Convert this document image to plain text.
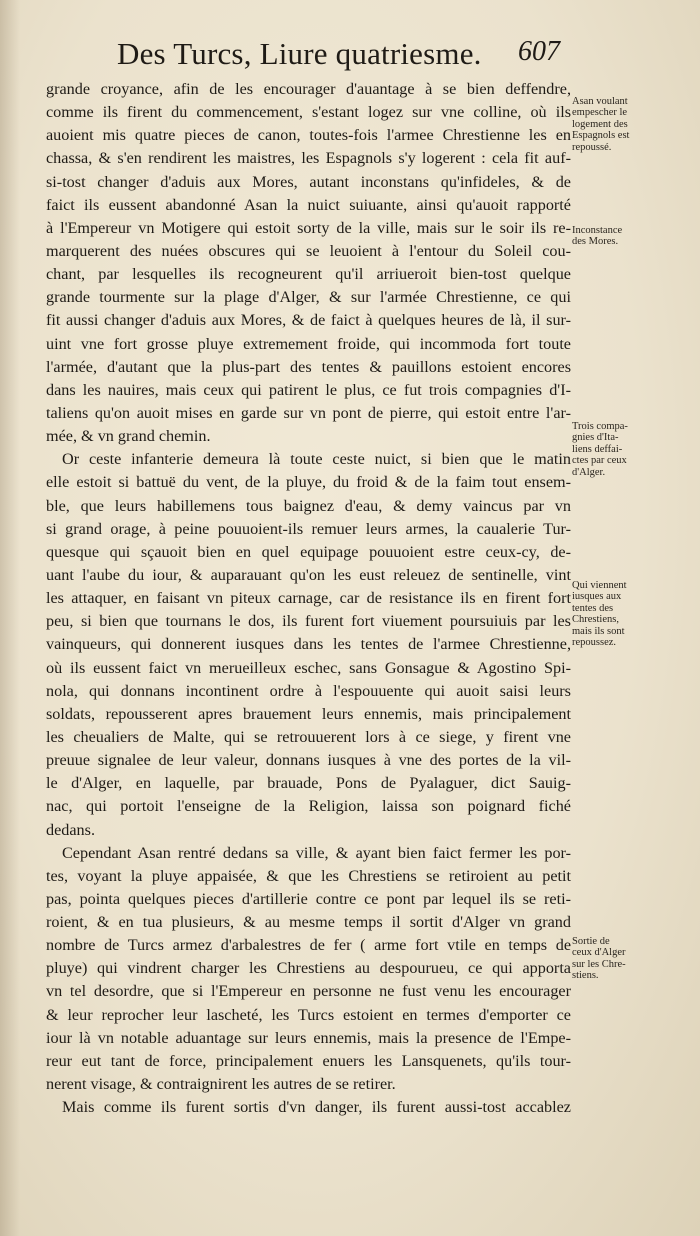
Des Turcs, Liure quatriesme. 607
grande croyance, afin de les encourager d'auantage à se bien deffendre,
comme ils firent du commencement, s'estant logez sur vne colline, où ils
auoient mis quatre pieces de canon, toutes-fois l'armee Chrestienne les en
chassa, & s'en rendirent les maistres, les Espagnols s'y logerent : cela fit auf-
si-tost changer d'aduis aux Mores, autant inconstans qu'infideles, & de
faict ils eussent abandonné Asan la nuict suiuante, ainsi qu'auoit rapporté
à l'Empereur vn Motigere qui estoit sorty de la ville, mais sur le soir ils re-
marquerent des nuées obscures qui se leuoient à l'entour du Soleil cou-
chant, par lesquelles ils recogneurent qu'il arriueroit bien-tost quelque
grande tourmente sur la plage d'Alger, & sur l'armée Chrestienne, ce qui
fit aussi changer d'aduis aux Mores, & de faict à quelques heures de là, il sur-
uint vne fort grosse pluye extremement froide, qui incommoda fort toute
l'armée, d'autant que la plus-part des tentes & pauillons estoient encores
dans les nauires, mais ceux qui patirent le plus, ce fut trois compagnies d'I-
taliens qu'on auoit mises en garde sur vn pont de pierre, qui estoit entre l'ar-
mée, & vn grand chemin.
Or ceste infanterie demeura là toute ceste nuict, si bien que le matin
elle estoit si battuë du vent, de la pluye, du froid & de la faim tout ensem-
ble, que leurs habillemens tous baignez d'eau, & demy vaincus par vn
si grand orage, à peine pouuoient-ils remuer leurs armes, la caualerie Tur-
quesque qui sçauoit bien en quel equipage pouuoient estre ceux-cy, de-
uant l'aube du iour, & auparauant qu'on les eust releuez de sentinelle, vint
les attaquer, en faisant vn piteux carnage, car de resistance ils en firent fort
peu, si bien que tournans le dos, ils furent fort viuement poursuiuis par les
vainqueurs, qui donnerent iusques dans les tentes de l'armee Chrestienne,
où ils eussent faict vn merueilleux eschec, sans Gonsague & Agostino Spi-
nola, qui donnans incontinent ordre à l'espouuente qui auoit saisi leurs
soldats, repousserent apres brauement leurs ennemis, mais principalement
les cheualiers de Malte, qui se retrouuerent lors à ce siege, y firent vne
preuue signalee de leur valeur, donnans iusques à vne des portes de la vil-
le d'Alger, en laquelle, par brauade, Pons de Pyalaguer, dict Sauig-
nac, qui portoit l'enseigne de la Religion, laissa son poignard fiché
dedans.
Cependant Asan rentré dedans sa ville, & ayant bien faict fermer les por-
tes, voyant la pluye appaisée, & que les Chrestiens se retiroient au petit
pas, pointa quelques pieces d'artillerie contre ce pont par lequel ils se reti-
roient, & en tua plusieurs, & au mesme temps il sortit d'Alger vn grand
nombre de Turcs armez d'arbalestres de fer ( arme fort vtile en temps de
pluye) qui vindrent charger les Chrestiens au despourueu, ce qui apporta
vn tel desordre, que si l'Empereur en personne ne fust venu les encourager
& leur reprocher leur lascheté, les Turcs estoient en termes d'emporter ce
iour là vn notable aduantage sur leurs ennemis, mais la presence de l'Empe-
reur eut tant de force, principalement enuers les Lansquenets, qu'ils tour-
nerent visage, & contraignirent les autres de se retirer.
Mais comme ils furent sortis d'vn danger, ils furent aussi-tost accablez
Asan voulant
empescher le
logement des
Espagnols est
repoussé.
Inconstance
des Mores.
Trois compa-
gnies d'Ita-
liens deffai-
ctes par ceux
d'Alger.
Qui viennent
iusques aux
tentes des
Chrestiens,
mais ils sont
repoussez.
Sortie de
ceux d'Alger
sur les Chre-
stiens.
